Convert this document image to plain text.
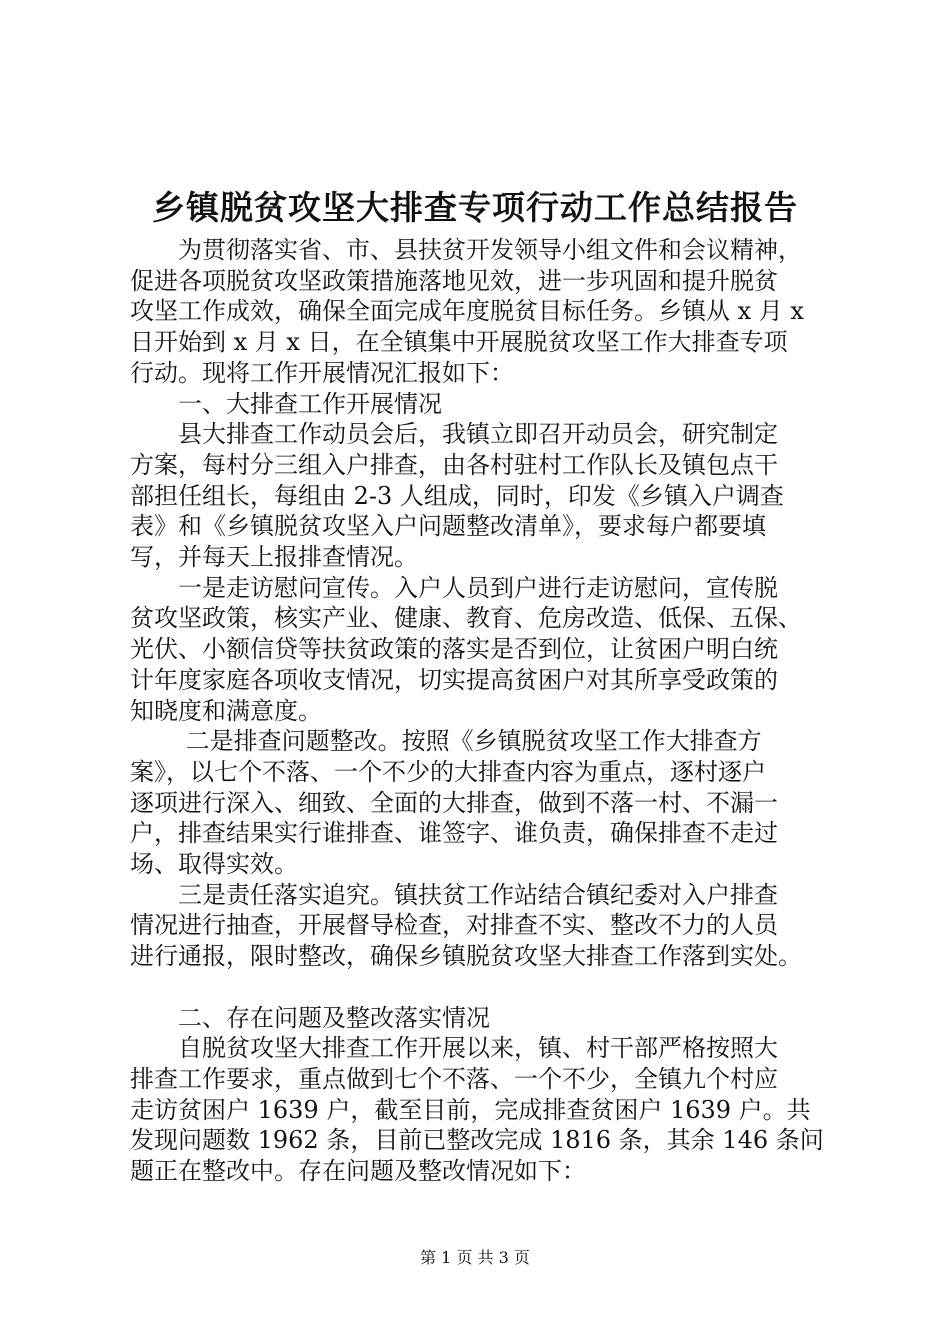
乡镇脱贫攻坚大排查专项行动工作总结报告
　　为贯彻落实省、市、县扶贫开发领导小组文件和会议精神，
促进各项脱贫攻坚政策措施落地见效，进一步巩固和提升脱贫
攻坚工作成效，确保全面完成年度脱贫目标任务。乡镇从 x 月 x
日开始到 x 月 x 日，在全镇集中开展脱贫攻坚工作大排查专项
行动。现将工作开展情况汇报如下：
　　一、大排查工作开展情况
　　县大排查工作动员会后，我镇立即召开动员会，研究制定
方案，每村分三组入户排查，由各村驻村工作队长及镇包点干
部担任组长，每组由 2-3 人组成，同时，印发《乡镇入户调查
表》和《乡镇脱贫攻坚入户问题整改清单》，要求每户都要填
写，并每天上报排查情况。
　　一是走访慰问宣传。入户人员到户进行走访慰问，宣传脱
贫攻坚政策，核实产业、健康、教育、危房改造、低保、五保、
光伏、小额信贷等扶贫政策的落实是否到位，让贫困户明白统
计年度家庭各项收支情况，切实提高贫困户对其所享受政策的
知晓度和满意度。
　　 二是排查问题整改。按照《乡镇脱贫攻坚工作大排查方
案》，以七个不落、一个不少的大排查内容为重点，逐村逐户
逐项进行深入、细致、全面的大排查，做到不落一村、不漏一
户，排查结果实行谁排查、谁签字、谁负责，确保排查不走过
场、取得实效。
　　三是责任落实追究。镇扶贫工作站结合镇纪委对入户排查
情况进行抽查，开展督导检查，对排查不实、整改不力的人员
进行通报，限时整改，确保乡镇脱贫攻坚大排查工作落到实处。
　　二、存在问题及整改落实情况
　　自脱贫攻坚大排查工作开展以来，镇、村干部严格按照大
排查工作要求，重点做到七个不落、一个不少，全镇九个村应
走访贫困户 1639 户，截至目前，完成排查贫困户 1639 户。共
发现问题数 1962 条，目前已整改完成 1816 条，其余 146 条问
题正在整改中。存在问题及整改情况如下：
第 1 页 共 3 页
